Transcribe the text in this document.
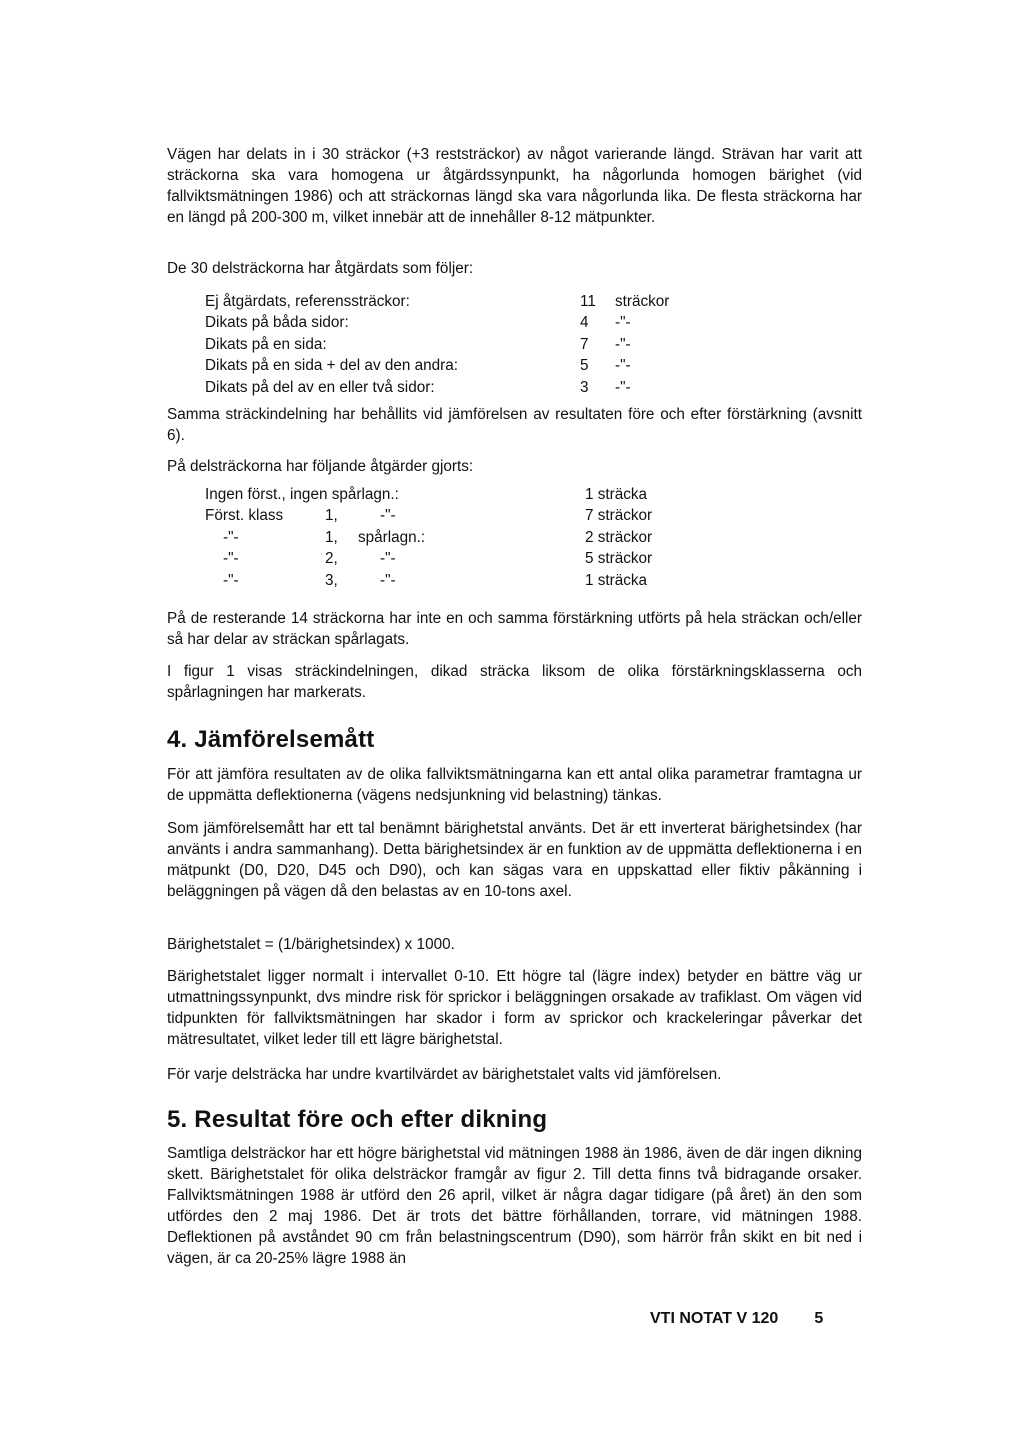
Vägen har delats in i 30 sträckor (+3 reststräckor) av något varierande längd. Strävan har varit att sträckorna ska vara homogena ur åtgärdssynpunkt, ha någorlunda homogen bärighet (vid fallviktsmätningen 1986) och att sträckornas längd ska vara någorlunda lika. De flesta sträckorna har en längd på 200-300 m, vilket innebär att de innehåller 8-12 mätpunkter.

De 30 delsträckorna har åtgärdats som följer:

Ej åtgärdats, referenssträckor:	11 sträckor
Dikats på båda sidor:	4 -"-
Dikats på en sida:	7 -"-
Dikats på en sida + del av den andra:	5 -"-
Dikats på del av en eller två sidor:	3 -"-

Samma sträckindelning har behållits vid jämförelsen av resultaten före och efter förstärkning (avsnitt 6).

På delsträckorna har följande åtgärder gjorts:

Ingen först., ingen spårlagn.:	1 sträcka
Först. klass	1,	-"-	7 sträckor
-"-	1, spårlagn.:	2 sträckor
-"-	2,	-"-	5 sträckor
-"-	3,	-"-	1 sträcka

På de resterande 14 sträckorna har inte en och samma förstärkning utförts på hela sträckan och/eller så har delar av sträckan spårlagats.

I figur 1 visas sträckindelningen, dikad sträcka liksom de olika förstärkningsklasserna och spårlagningen har markerats.

4. Jämförelsemått

För att jämföra resultaten av de olika fallviktsmätningarna kan ett antal olika parametrar framtagna ur de uppmätta deflektionerna (vägens nedsjunkning vid belastning) tänkas.

Som jämförelsemått har ett tal benämnt bärighetstal använts. Det är ett inverterat bärighetsindex (har använts i andra sammanhang). Detta bärighetsindex är en funktion av de uppmätta deflektionerna i en mätpunkt (D0, D20, D45 och D90), och kan sägas vara en uppskattad eller fiktiv påkänning i beläggningen på vägen då den belastas av en 10-tons axel.

Bärighetstalet = (1/bärighetsindex) x 1000.

Bärighetstalet ligger normalt i intervallet 0-10. Ett högre tal (lägre index) betyder en bättre väg ur utmattningssynpunkt, dvs mindre risk för sprickor i beläggningen orsakade av trafiklast. Om vägen vid tidpunkten för fallviktsmätningen har skador i form av sprickor och krackeleringar påverkar det mätresultatet, vilket leder till ett lägre bärighetstal.

För varje delsträcka har undre kvartilvärdet av bärighetstalet valts vid jämförelsen.

5. Resultat före och efter dikning

Samtliga delsträckor har ett högre bärighetstal vid mätningen 1988 än 1986, även de där ingen dikning skett. Bärighetstalet för olika delsträckor framgår av figur 2. Till detta finns två bidragande orsaker. Fallviktsmätningen 1988 är utförd den 26 april, vilket är några dagar tidigare (på året) än den som utfördes den 2 maj 1986. Det är trots det bättre förhållanden, torrare, vid mätningen 1988. Deflektionen på avståndet 90 cm från belastningscentrum (D90), som härrör från skikt en bit ned i vägen, är ca 20-25% lägre 1988 än

VTI NOTAT V 120 5
